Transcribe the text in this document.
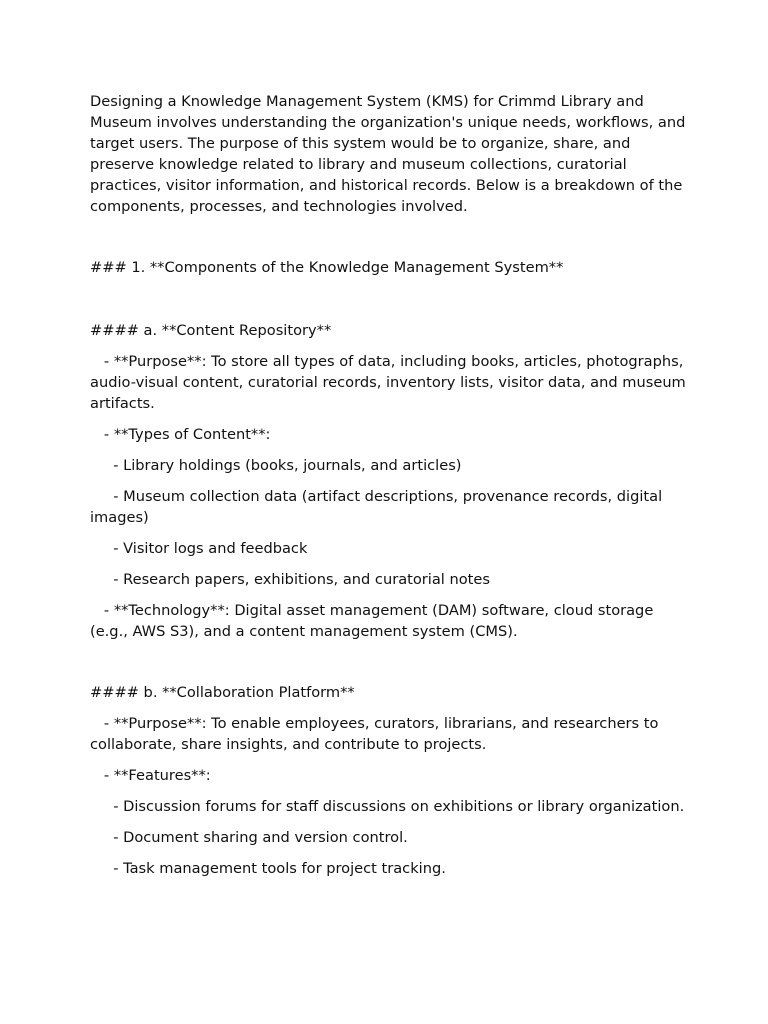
Designing a Knowledge Management System (KMS) for Crimmd Library and Museum involves understanding the organization's unique needs, workflows, and target users. The purpose of this system would be to organize, share, and preserve knowledge related to library and museum collections, curatorial practices, visitor information, and historical records. Below is a breakdown of the components, processes, and technologies involved.

### 1. **Components of the Knowledge Management System**

#### a. **Content Repository**

- **Purpose**: To store all types of data, including books, articles, photographs, audio-visual content, curatorial records, inventory lists, visitor data, and museum artifacts.

- **Types of Content**:

- Library holdings (books, journals, and articles)

- Museum collection data (artifact descriptions, provenance records, digital images)

- Visitor logs and feedback

- Research papers, exhibitions, and curatorial notes

- **Technology**: Digital asset management (DAM) software, cloud storage (e.g., AWS S3), and a content management system (CMS).

#### b. **Collaboration Platform**

- **Purpose**: To enable employees, curators, librarians, and researchers to collaborate, share insights, and contribute to projects.

- **Features**:

- Discussion forums for staff discussions on exhibitions or library organization.

- Document sharing and version control.

- Task management tools for project tracking.
